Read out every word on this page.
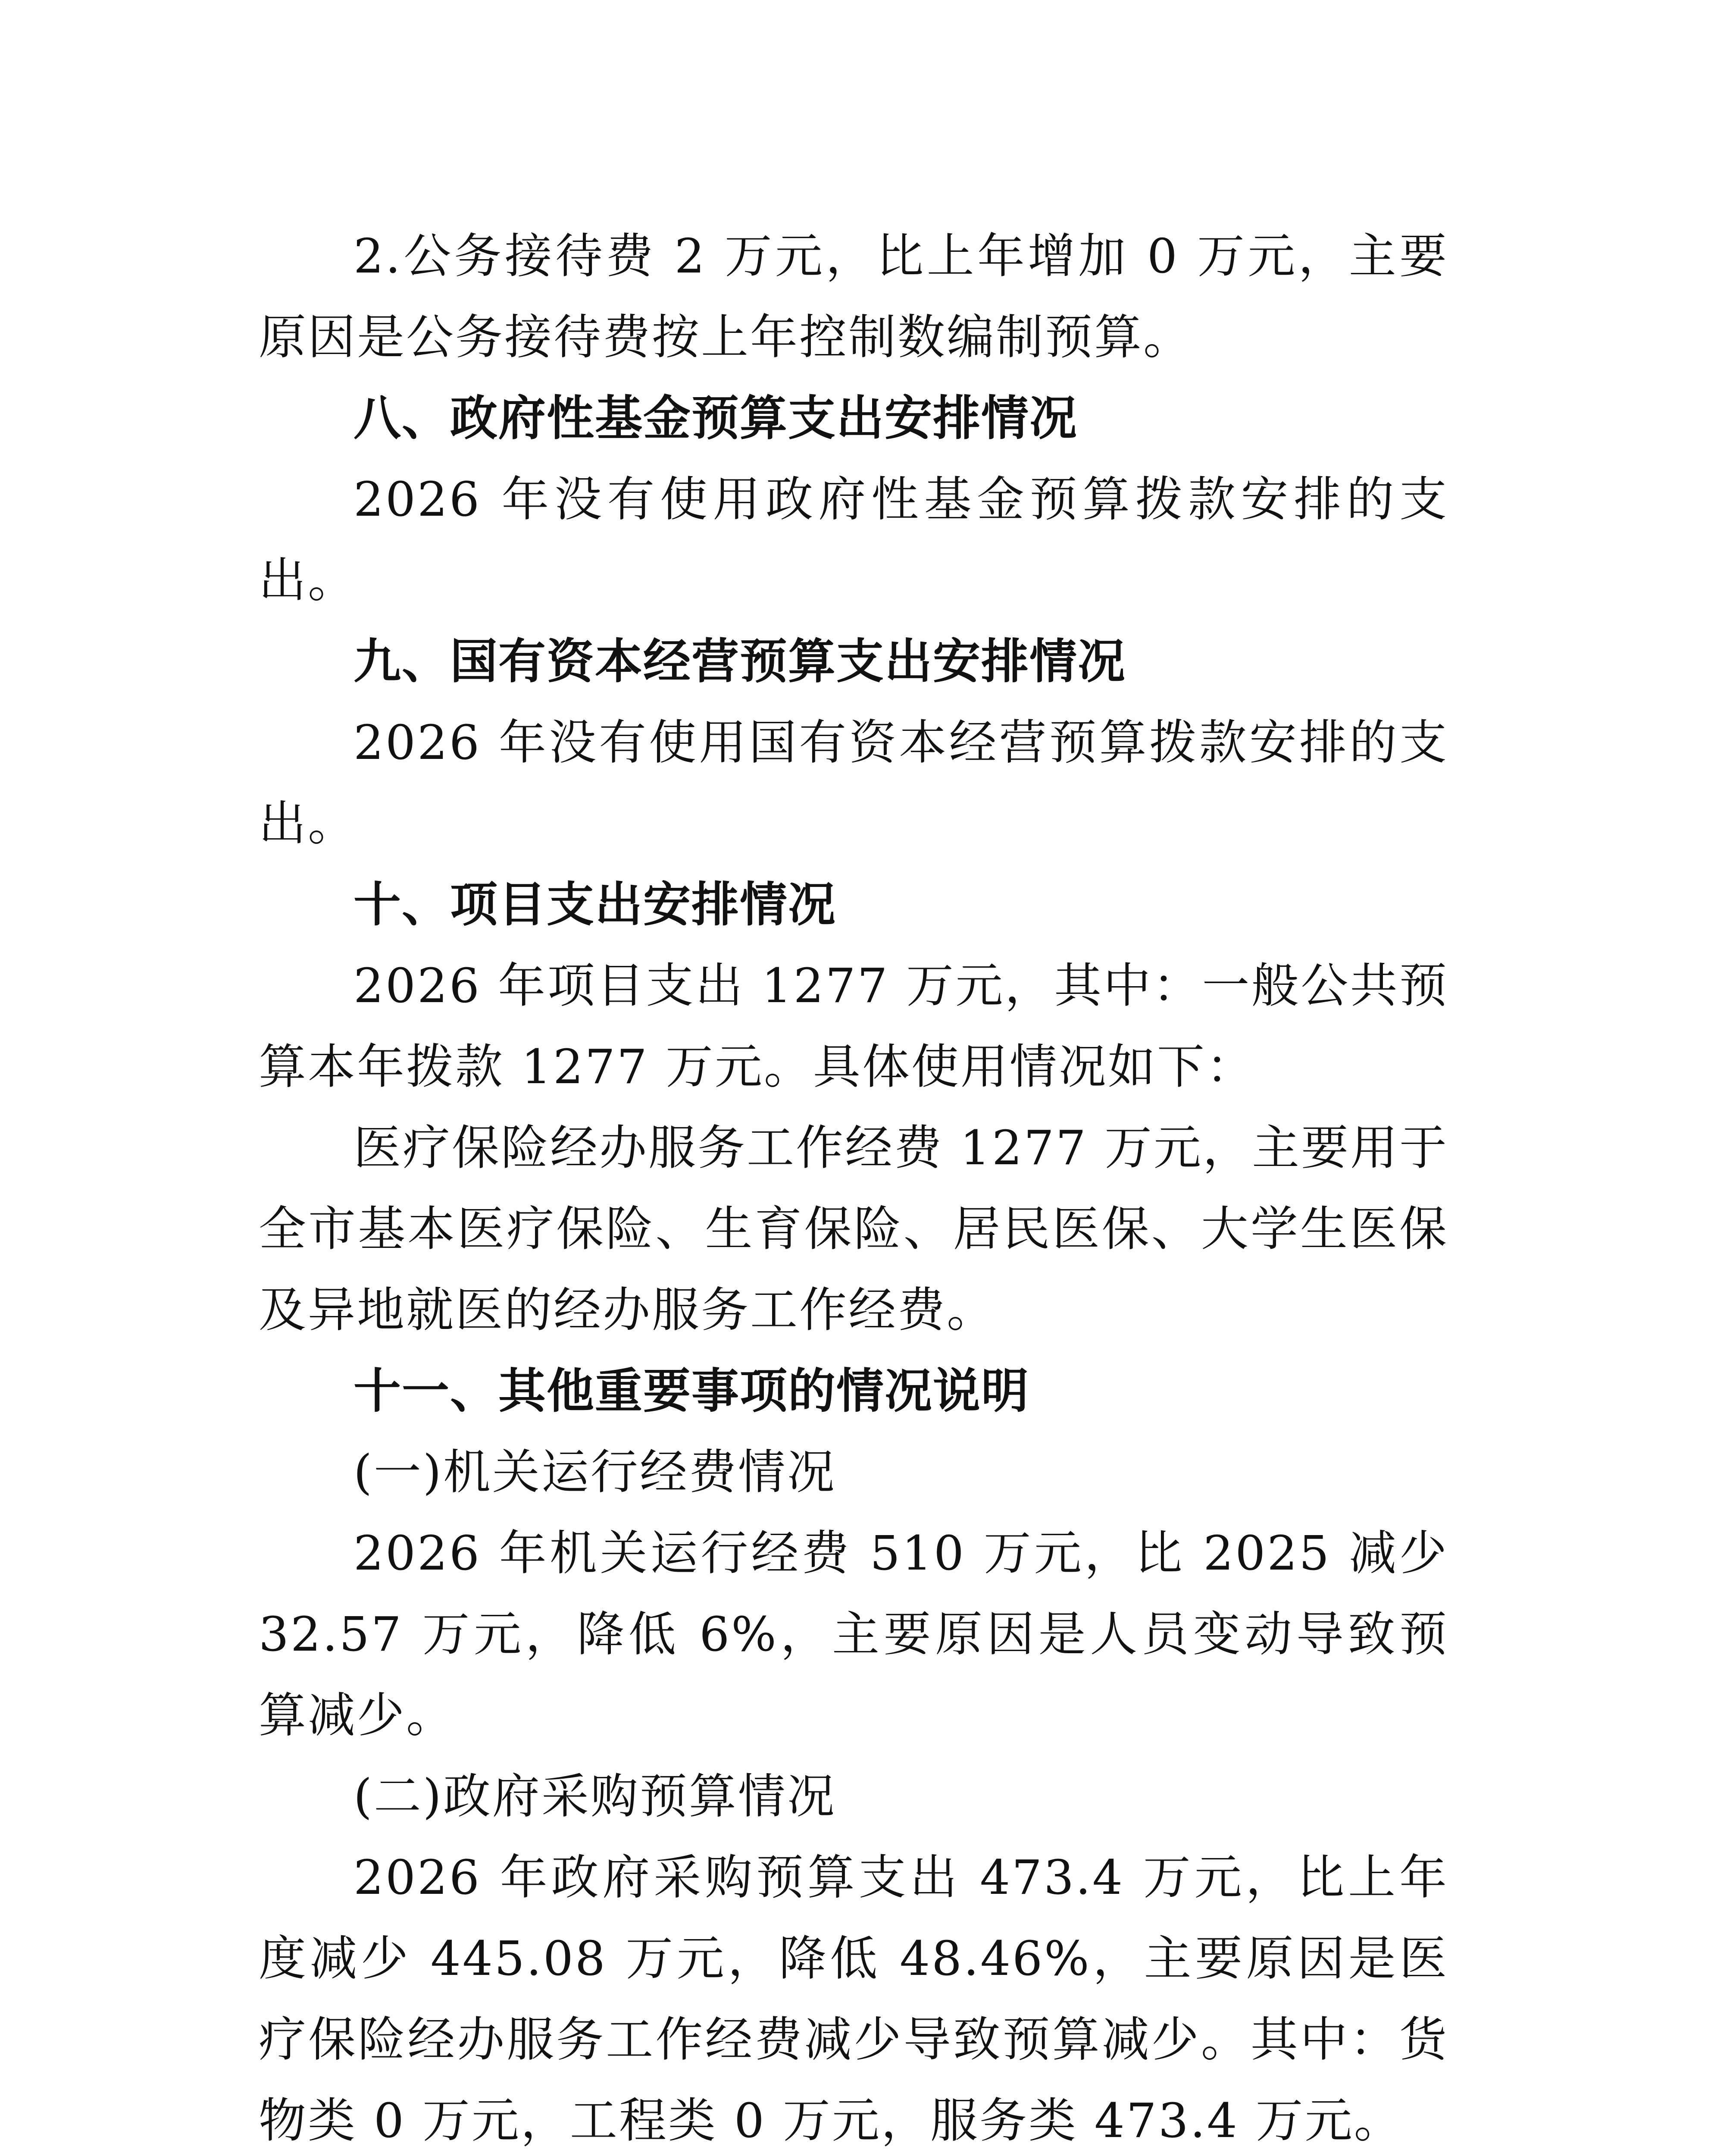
2.公务接待费 2 万元，比上年增加 0 万元，主要原因是公务接待费按上年控制数编制预算。

八、政府性基金预算支出安排情况

2026 年没有使用政府性基金预算拨款安排的支出。

九、国有资本经营预算支出安排情况

2026 年没有使用国有资本经营预算拨款安排的支出。

十、项目支出安排情况

2026 年项目支出 1277 万元，其中：一般公共预算本年拨款 1277 万元。具体使用情况如下：

医疗保险经办服务工作经费 1277 万元，主要用于全市基本医疗保险、生育保险、居民医保、大学生医保及异地就医的经办服务工作经费。

十一、其他重要事项的情况说明

(一)机关运行经费情况

2026 年机关运行经费 510 万元，比 2025 减少 32.57 万元，降低 6%，主要原因是人员变动导致预算减少。

(二)政府采购预算情况

2026 年政府采购预算支出 473.4 万元，比上年度减少 445.08 万元，降低 48.46%，主要原因是医疗保险经办服务工作经费减少导致预算减少。其中：货物类 0 万元，工程类 0 万元，服务类 473.4 万元。
